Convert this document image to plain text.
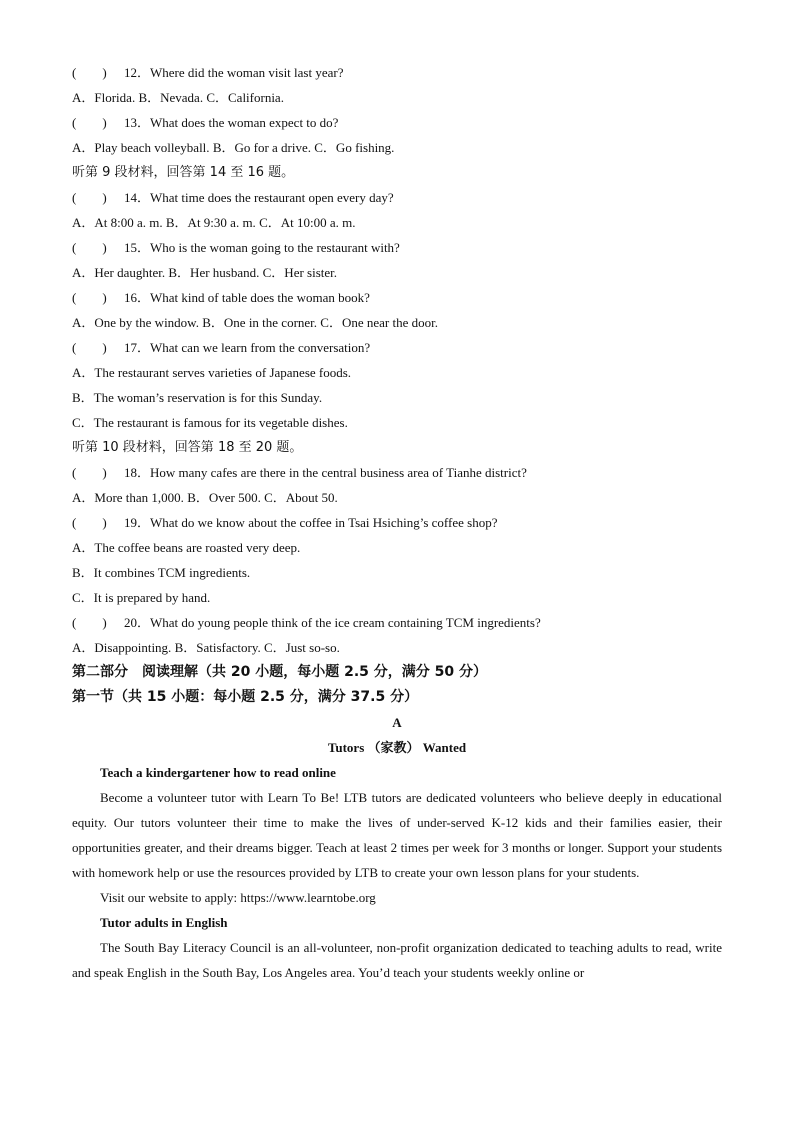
(　　) 12．Where did the woman visit last year?
A．Florida. B．Nevada. C．California.
(　　) 13．What does the woman expect to do?
A．Play beach volleyball. B．Go for a drive. C．Go fishing.
听第 9 段材料，回答第 14 至 16 题。
(　　) 14．What time does the restaurant open every day?
A．At 8:00 a. m. B．At 9:30 a. m. C．At 10:00 a. m.
(　　) 15．Who is the woman going to the restaurant with?
A．Her daughter. B．Her husband. C．Her sister.
(　　) 16．What kind of table does the woman book?
A．One by the window. B．One in the corner. C．One near the door.
(　　) 17．What can we learn from the conversation?
A．The restaurant serves varieties of Japanese foods.
B．The woman’s reservation is for this Sunday.
C．The restaurant is famous for its vegetable dishes.
听第 10 段材料，回答第 18 至 20 题。
(　　) 18．How many cafes are there in the central business area of Tianhe district?
A．More than 1,000. B．Over 500. C．About 50.
(　　) 19．What do we know about the coffee in Tsai Hsiching’s coffee shop?
A．The coffee beans are roasted very deep.
B．It combines TCM ingredients.
C．It is prepared by hand.
(　　) 20．What do young people think of the ice cream containing TCM ingredients?
A．Disappointing. B．Satisfactory. C．Just so-so.
第二部分　阅读理解（共 20 小题，每小题 2.5 分，满分 50 分）
第一节（共 15 小题：每小题 2.5 分，满分 37.5 分）
A
Tutors （家教） Wanted
Teach a kindergartener how to read online

Become a volunteer tutor with Learn To Be! LTB tutors are dedicated volunteers who believe deeply in educational equity. Our tutors volunteer their time to make the lives of under-served K-12 kids and their families easier, their opportunities greater, and their dreams bigger. Teach at least 2 times per week for 3 months or longer. Support your students with homework help or use the resources provided by LTB to create your own lesson plans for your students.

Visit our website to apply: https://www.learntobe.org
Tutor adults in English

The South Bay Literacy Council is an all-volunteer, non-profit organization dedicated to teaching adults to read, write and speak English in the South Bay, Los Angeles area. You’d teach your students weekly online or
